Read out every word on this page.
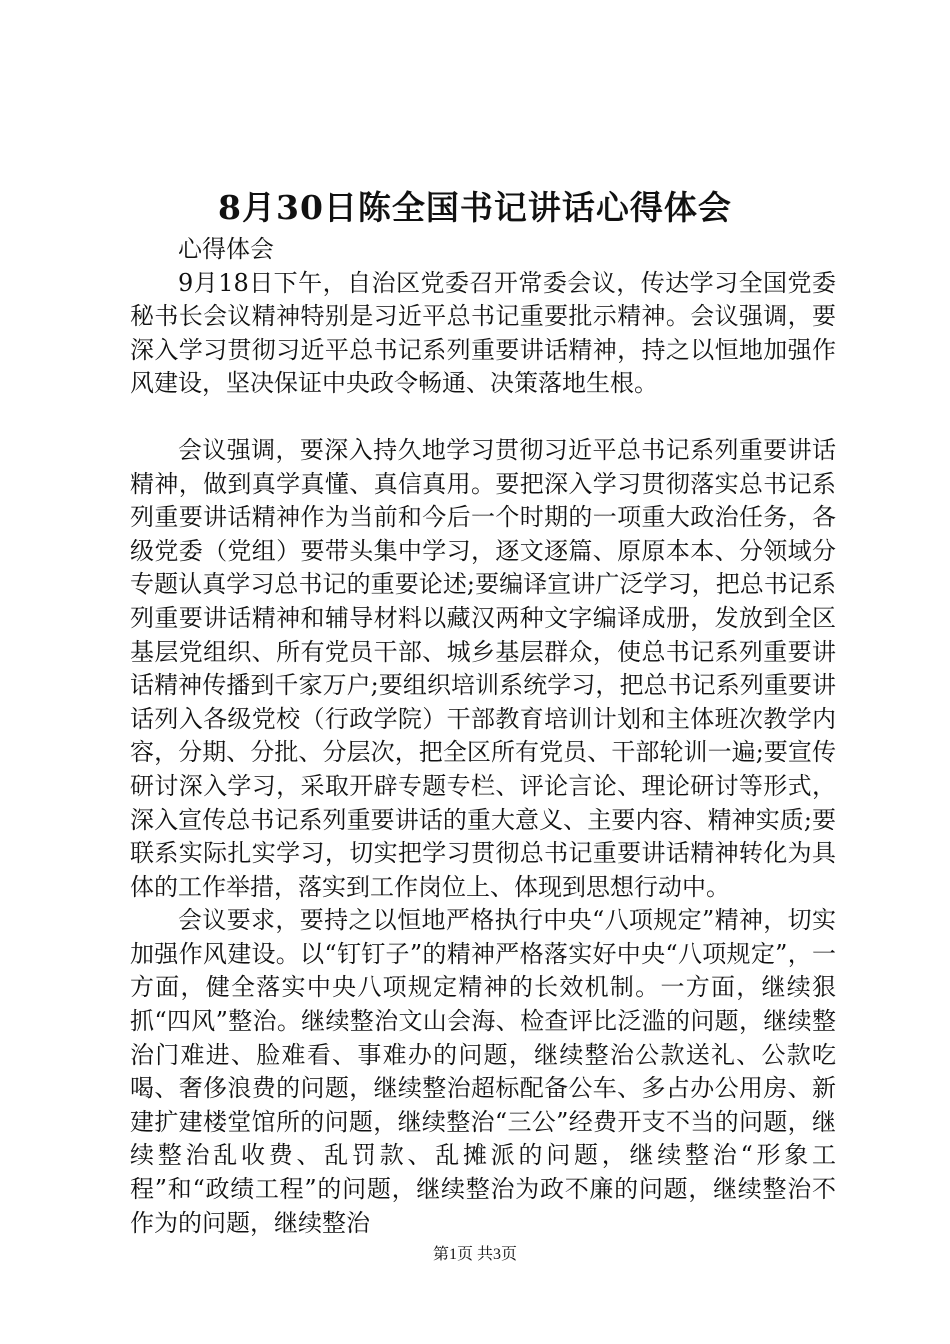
8月30日陈全国书记讲话心得体会

心得体会

9月18日下午，自治区党委召开常委会议，传达学习全国党委秘书长会议精神特别是习近平总书记重要批示精神。会议强调，要深入学习贯彻习近平总书记系列重要讲话精神，持之以恒地加强作风建设，坚决保证中央政令畅通、决策落地生根。

会议强调，要深入持久地学习贯彻习近平总书记系列重要讲话精神，做到真学真懂、真信真用。要把深入学习贯彻落实总书记系列重要讲话精神作为当前和今后一个时期的一项重大政治任务，各级党委（党组）要带头集中学习，逐文逐篇、原原本本、分领域分专题认真学习总书记的重要论述;要编译宣讲广泛学习，把总书记系列重要讲话精神和辅导材料以藏汉两种文字编译成册，发放到全区基层党组织、所有党员干部、城乡基层群众，使总书记系列重要讲话精神传播到千家万户;要组织培训系统学习，把总书记系列重要讲话列入各级党校（行政学院）干部教育培训计划和主体班次教学内容，分期、分批、分层次，把全区所有党员、干部轮训一遍;要宣传研讨深入学习，采取开辟专题专栏、评论言论、理论研讨等形式，深入宣传总书记系列重要讲话的重大意义、主要内容、精神实质;要联系实际扎实学习，切实把学习贯彻总书记重要讲话精神转化为具体的工作举措，落实到工作岗位上、体现到思想行动中。

会议要求，要持之以恒地严格执行中央“八项规定”精神，切实加强作风建设。以“钉钉子”的精神严格落实好中央“八项规定”，一方面，健全落实中央八项规定精神的长效机制。一方面，继续狠抓“四风”整治。继续整治文山会海、检查评比泛滥的问题，继续整治门难进、脸难看、事难办的问题，继续整治公款送礼、公款吃喝、奢侈浪费的问题，继续整治超标配备公车、多占办公用房、新建扩建楼堂馆所的问题，继续整治“三公”经费开支不当的问题，继续整治乱收费、乱罚款、乱摊派的问题，继续整治“形象工程”和“政绩工程”的问题，继续整治为政不廉的问题，继续整治不作为的问题，继续整治

第1页 共3页
